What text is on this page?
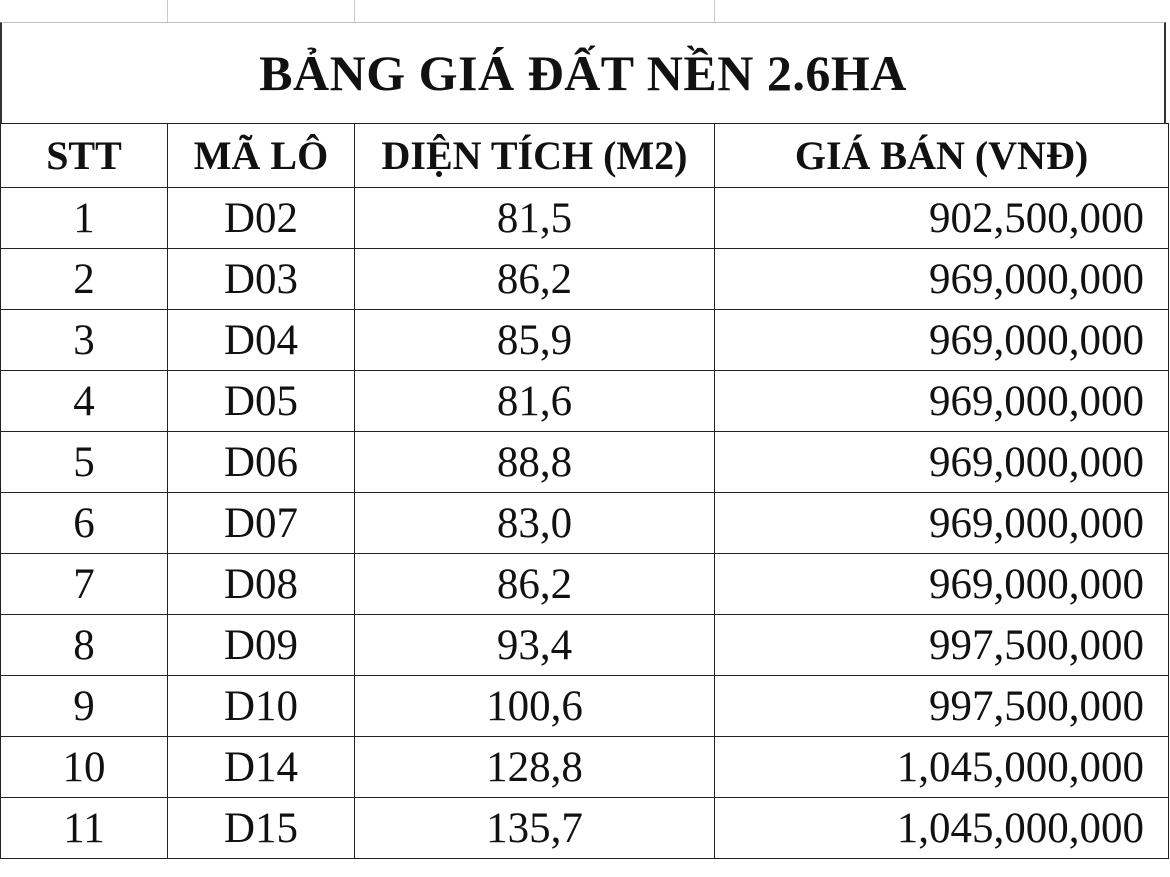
BẢNG GIÁ ĐẤT NỀN 2.6HA
STT	MÃ LÔ	DIỆN TÍCH (M2)	GIÁ BÁN (VNĐ)
1	D02	81,5	902,500,000
2	D03	86,2	969,000,000
3	D04	85,9	969,000,000
4	D05	81,6	969,000,000
5	D06	88,8	969,000,000
6	D07	83,0	969,000,000
7	D08	86,2	969,000,000
8	D09	93,4	997,500,000
9	D10	100,6	997,500,000
10	D14	128,8	1,045,000,000
11	D15	135,7	1,045,000,000
